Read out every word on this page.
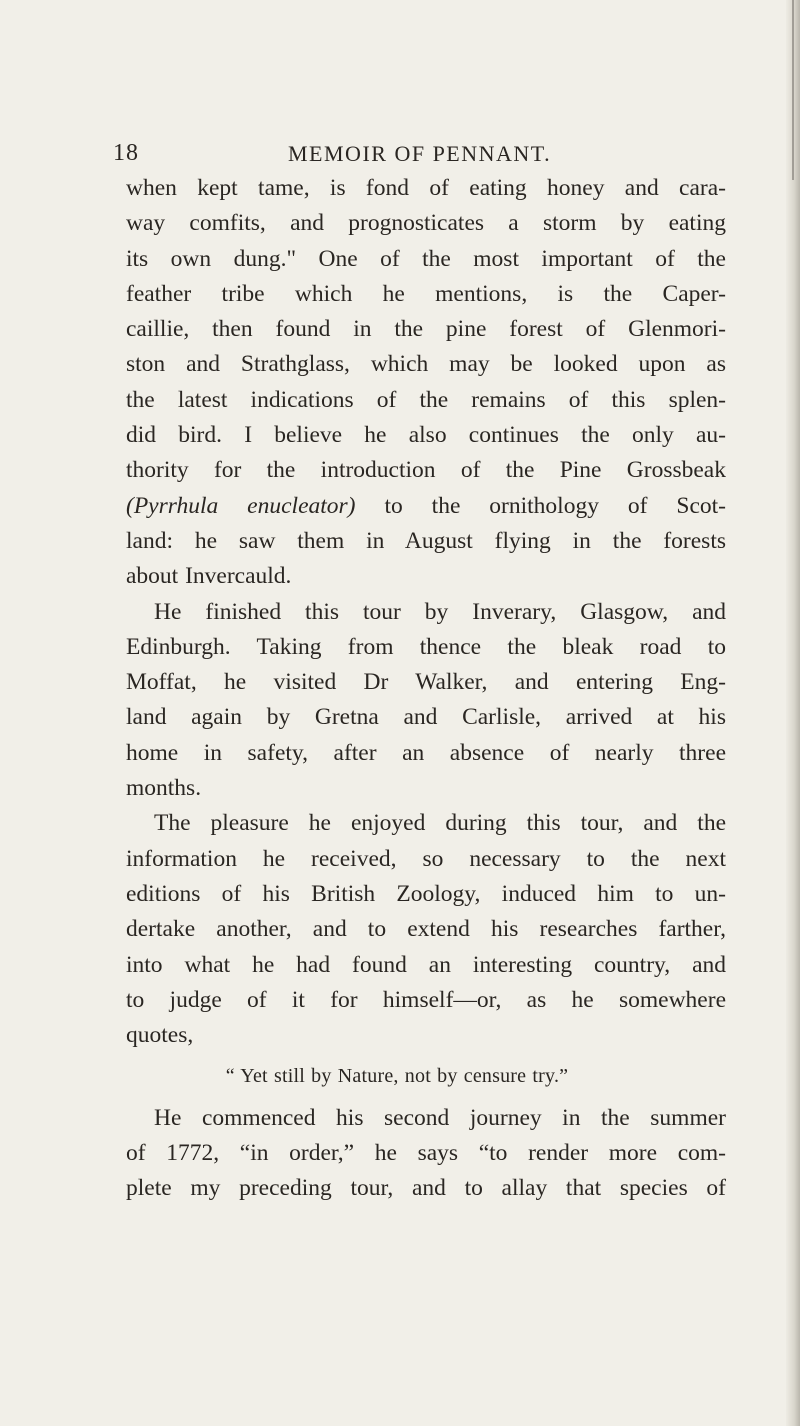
18	MEMOIR OF PENNANT.
when kept tame, is fond of eating honey and cara-
way comfits, and prognosticates a storm by eating
its own dung." One of the most important of the
feather tribe which he mentions, is the Caper-
caillie, then found in the pine forest of Glenmori-
ston and Strathglass, which may be looked upon as
the latest indications of the remains of this splen-
did bird. I believe he also continues the only au-
thority for the introduction of the Pine Grossbeak
(Pyrrhula enucleator) to the ornithology of Scot-
land: he saw them in August flying in the forests
about Invercauld.
He finished this tour by Inverary, Glasgow, and
Edinburgh. Taking from thence the bleak road to
Moffat, he visited Dr Walker, and entering Eng-
land again by Gretna and Carlisle, arrived at his
home in safety, after an absence of nearly three
months.
The pleasure he enjoyed during this tour, and the
information he received, so necessary to the next
editions of his British Zoology, induced him to un-
dertake another, and to extend his researches farther,
into what he had found an interesting country, and
to judge of it for himself—or, as he somewhere
quotes,
“ Yet still by Nature, not by censure try.”
He commenced his second journey in the summer
of 1772, “in order,” he says “to render more com-
plete my preceding tour, and to allay that species of
